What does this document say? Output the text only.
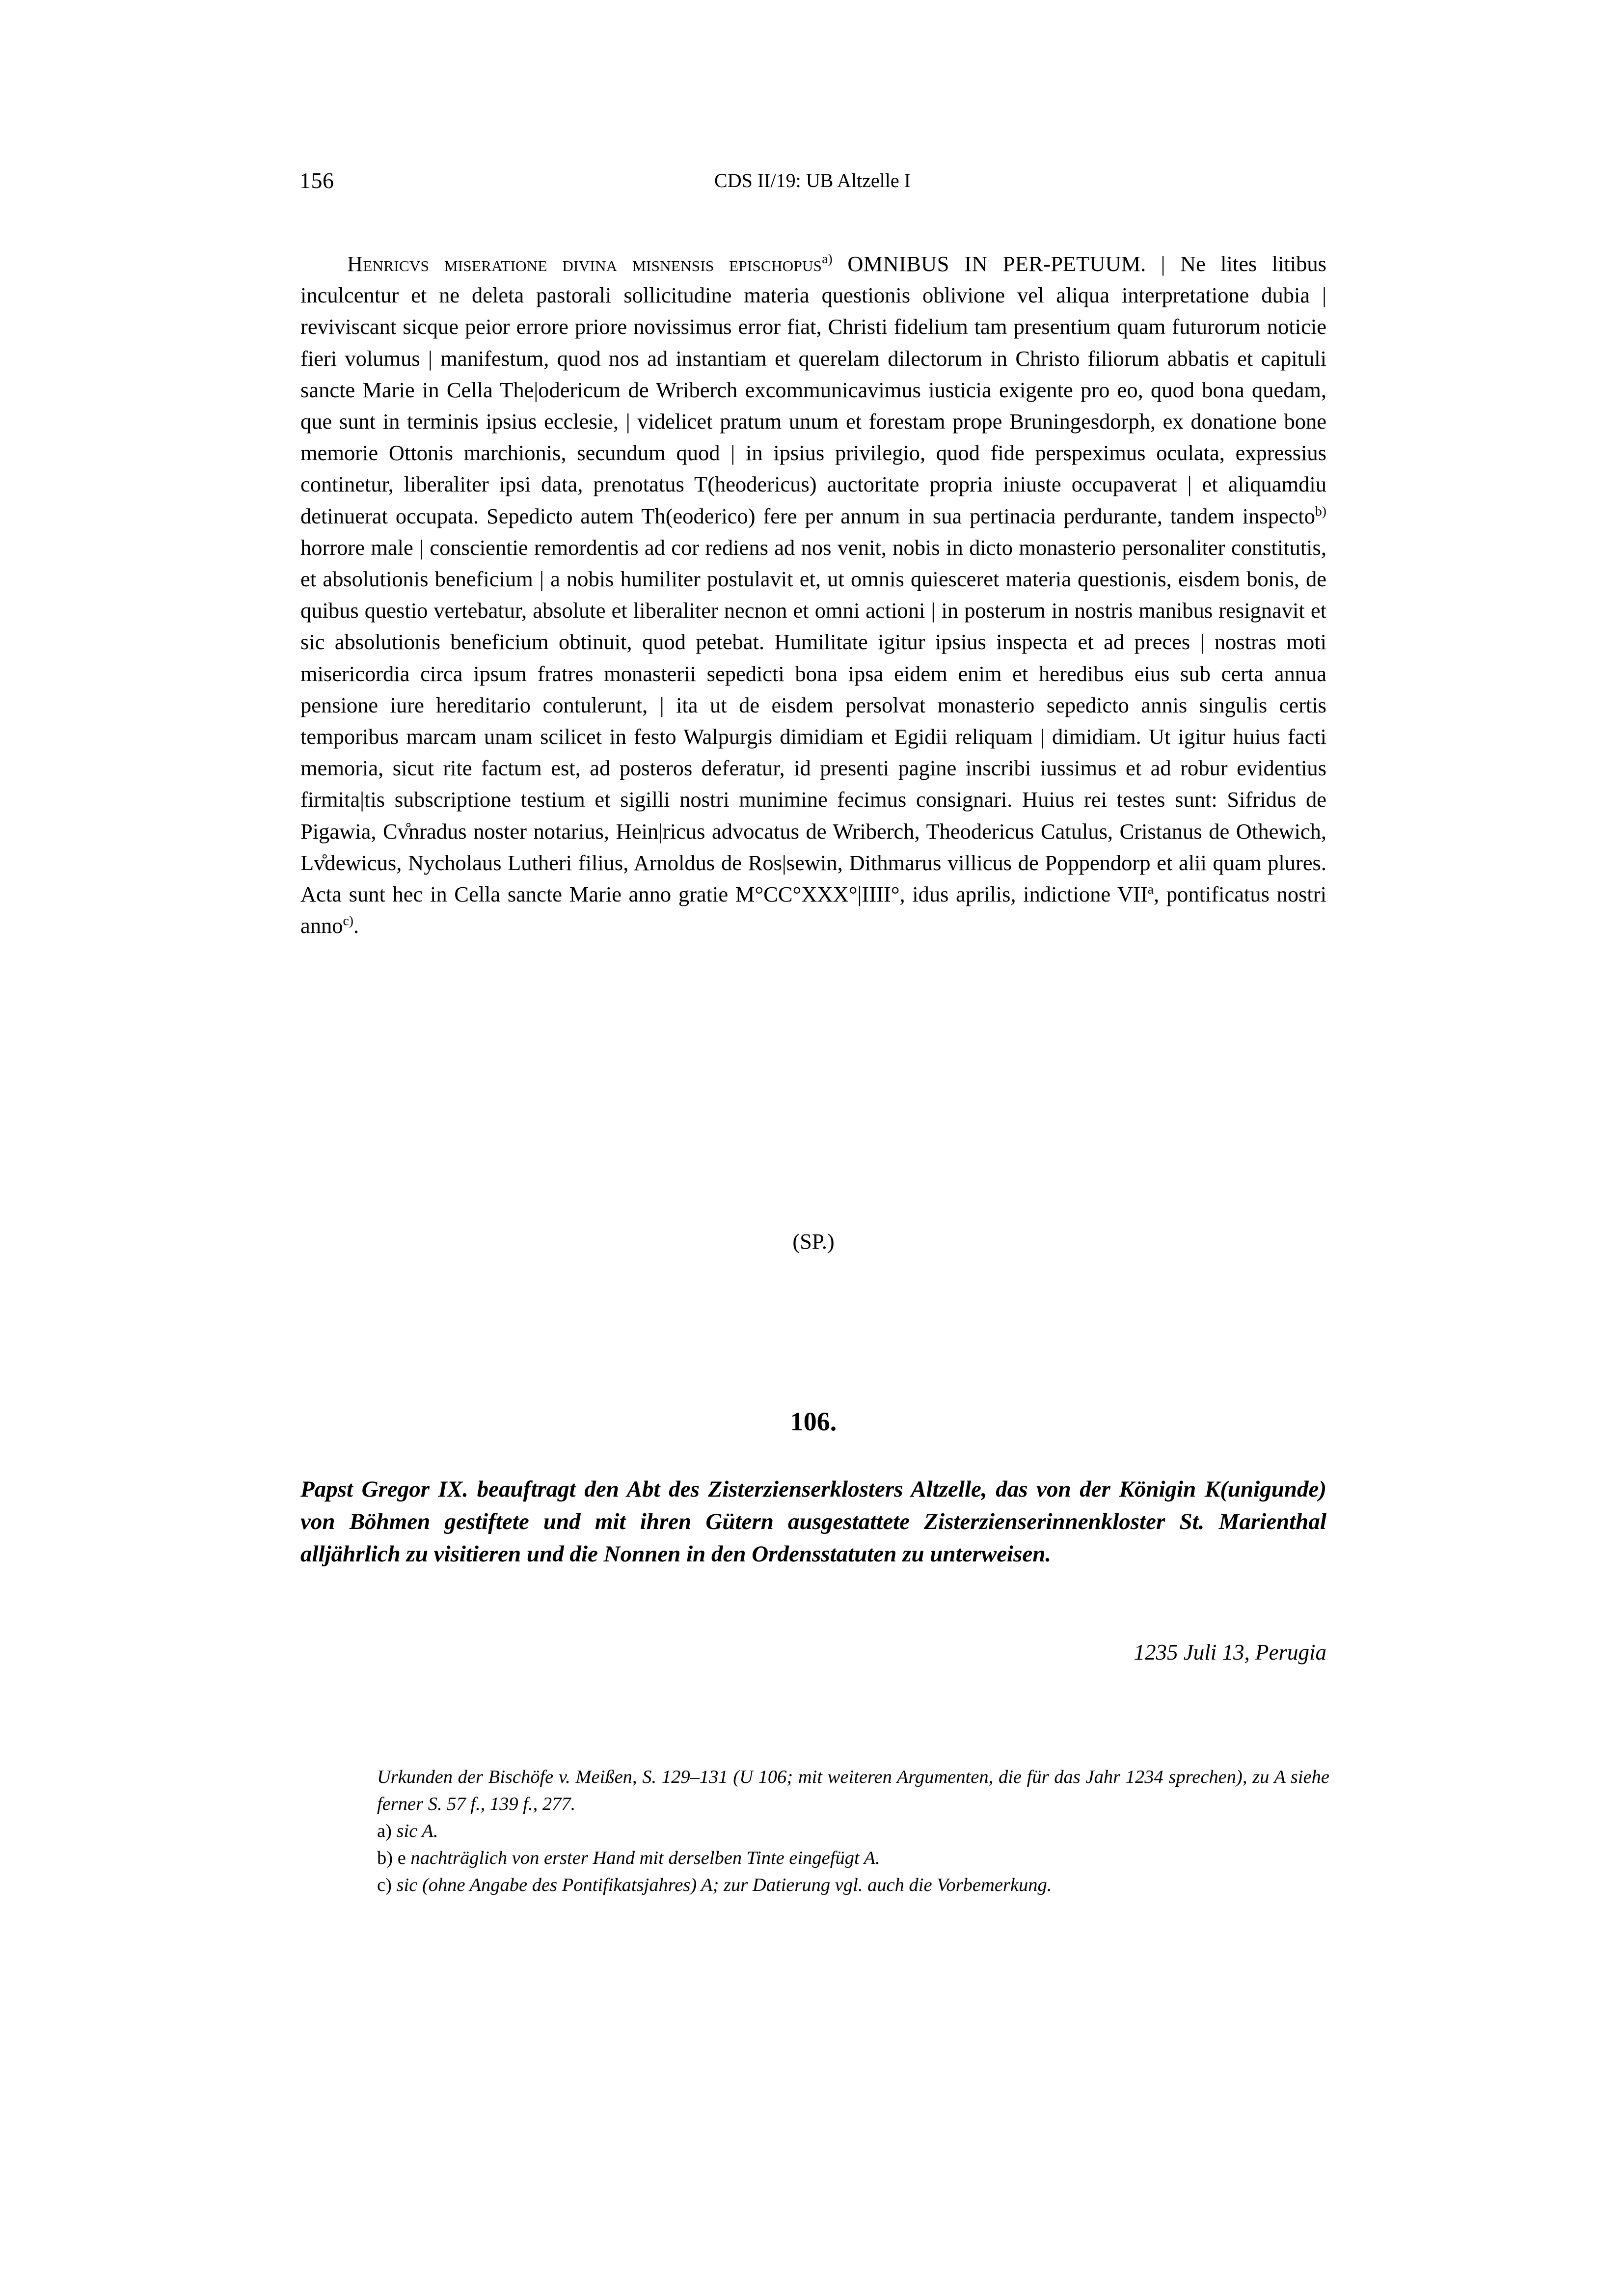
156	CDS II/19: UB Altzelle I

Henricvs miseratione divina misnensis epischopus$^{a)}$ OMNIBUS IN PER-PETUUM. | Ne lites litibus inculcentur et ne deleta pastorali sollicitudine materia questionis oblivione vel aliqua interpretatione dubia | reviviscant sicque peior errore priore novissimus error fiat, Christi fidelium tam presentium quam futurorum noticie fieri volumus | manifestum, quod nos ad instantiam et querelam dilectorum in Christo filiorum abbatis et capituli sancte Marie in Cella The|odericum de Wriberch excommunicavimus iusticia exigente pro eo, quod bona quedam, que sunt in terminis ipsius ecclesie, | videlicet pratum unum et forestam prope Bruningesdorph, ex donatione bone memorie Ottonis marchionis, secundum quod | in ipsius privilegio, quod fide perspeximus oculata, expressius continetur, liberaliter ipsi data, prenotatus T(heodericus) auctoritate propria iniuste occupaverat | et aliquamdiu detinuerat occupata. Sepedicto autem Th(eoderico) fere per annum in sua pertinacia perdurante, tandem inspecto$^{b)}$ horrore male | conscientie remordentis ad cor rediens ad nos venit, nobis in dicto monasterio personaliter constitutis, et absolutionis beneficium | a nobis humiliter postulavit et, ut omnis quiesceret materia questionis, eisdem bonis, de quibus questio vertebatur, absolute et liberaliter necnon et omni actioni | in posterum in nostris manibus resignavit et sic absolutionis beneficium obtinuit, quod petebat. Humilitate igitur ipsius inspecta et ad preces | nostras moti misericordia circa ipsum fratres monasterii sepedicti bona ipsa eidem enim et heredibus eius sub certa annua pensione iure hereditario contulerunt, | ita ut de eisdem persolvat monasterio sepedicto annis singulis certis temporibus marcam unam scilicet in festo Walpurgis dimidiam et Egidii reliquam | dimidiam. Ut igitur huius facti memoria, sicut rite factum est, ad posteros deferatur, id presenti pagine inscribi iussimus et ad robur evidentius firmita|tis subscriptione testium et sigilli nostri munimine fecimus consignari. Huius rei testes sunt: Sifridus de Pigawia, Cv̊nradus noster notarius, Hein|ricus advocatus de Wriberch, Theodericus Catulus, Cristanus de Othewich, Lv̊dewicus, Nycholaus Lutheri filius, Arnoldus de Ros|sewin, Dithmarus villicus de Poppendorp et alii quam plures. Acta sunt hec in Cella sancte Marie anno gratie M°CC°XXX°|IIII°, idus aprilis, indictione VII$^a$, pontificatus nostri anno$^{c)}$.

(SP.)
106.

Papst Gregor IX. beauftragt den Abt des Zisterzienserklosters Altzelle, das von der Königin K(unigunde) von Böhmen gestiftete und mit ihren Gütern ausgestattete Zisterzienserinnenkloster St. Marienthal alljährlich zu visitieren und die Nonnen in den Ordensstatuten zu unterweisen.

1235 Juli 13, Perugia

Urkunden der Bischöfe v. Meißen, S. 129–131 (U 106; mit weiteren Argumenten, die für das Jahr 1234 sprechen), zu A siehe ferner S. 57 f., 139 f., 277.

a) sic A.

b) e nachträglich von erster Hand mit derselben Tinte eingefügt A.

c) sic (ohne Angabe des Pontifikatsjahres) A; zur Datierung vgl. auch die Vorbemerkung.
